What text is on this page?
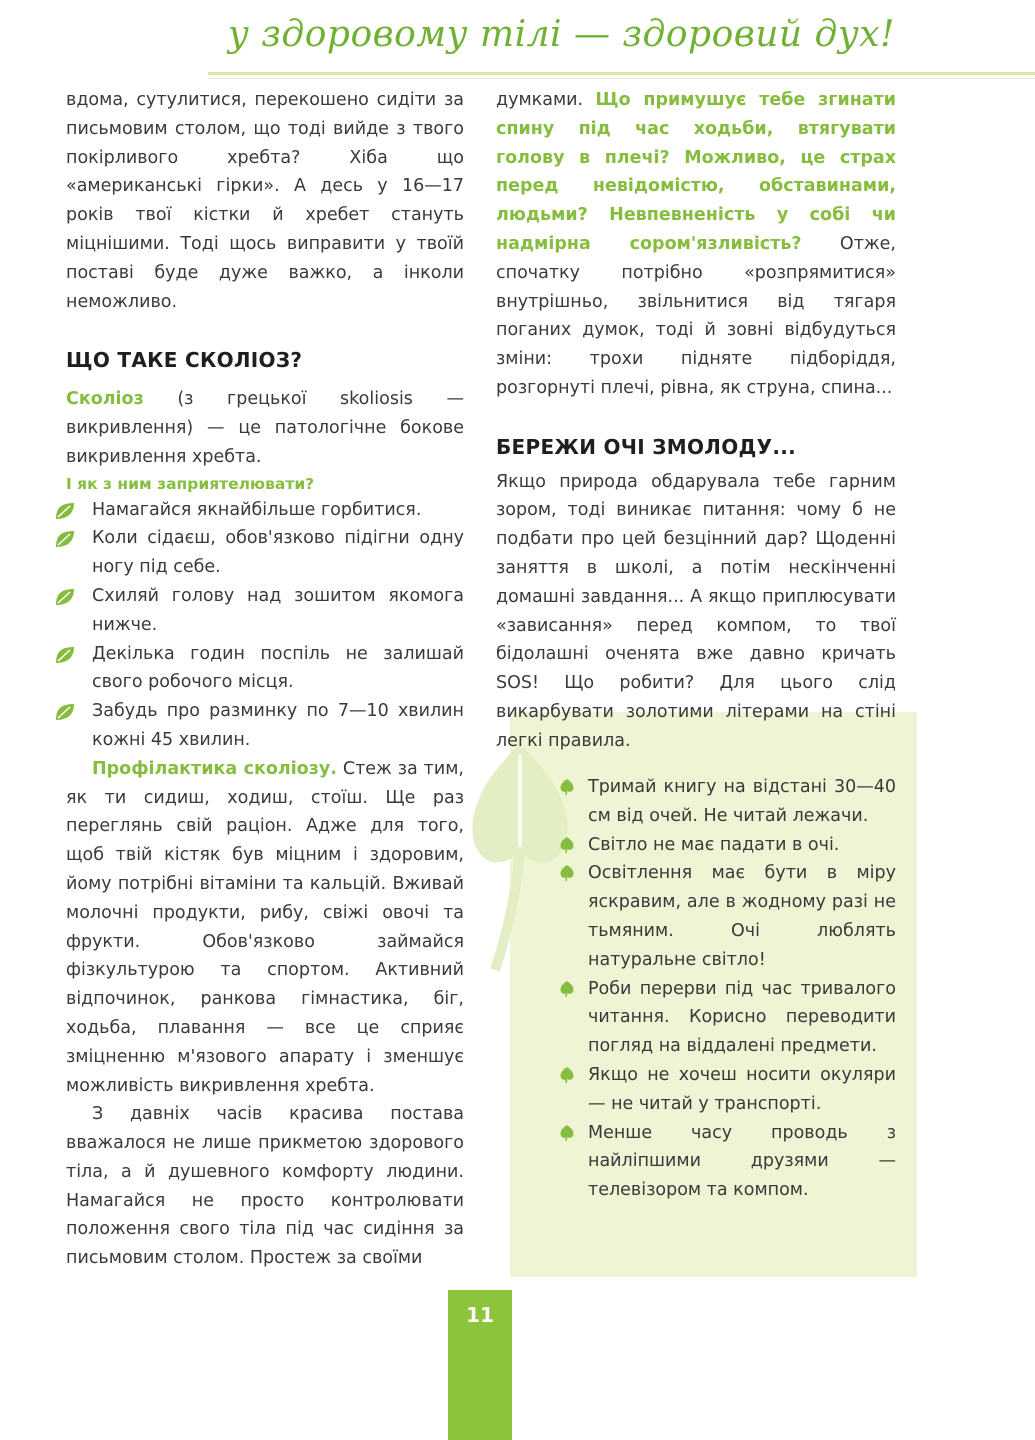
у здоровому тілі — здоровий дух!

вдома, сутулитися, перекошено сидіти за письмовим столом, що тоді вийде з твого покірливого хребта? Хіба що «американські гірки». А десь у 16—17 років твої кістки й хребет стануть міцнішими. Тоді щось виправити у твоїй поставі буде дуже важко, а інколи неможливо.

ЩО ТАКЕ СКОЛІОЗ?

Сколіоз (з грецької skoliosis — викривлення) — це патологічне бокове викривлення хребта.

І як з ним заприятелювати?
Намагайся якнайбільше горбитися.
Коли сідаєш, обов'язково підігни одну ногу під себе.
Схиляй голову над зошитом якомога нижче.
Декілька годин поспіль не залишай свого робочого місця.
Забудь про разминку по 7—10 хвилин кожні 45 хвилин.

Профілактика сколіозу. Стеж за тим, як ти сидиш, ходиш, стоїш. Ще раз переглянь свій раціон. Адже для того, щоб твій кістяк був міцним і здоровим, йому потрібні вітаміни та кальцій. Вживай молочні продукти, рибу, свіжі овочі та фрукти. Обов'язково займайся фізкультурою та спортом. Активний відпочинок, ранкова гімнастика, біг, ходьба, плавання — все це сприяє зміцненню м'язового апарату і зменшує можливість викривлення хребта.

З давніх часів красива постава вважалося не лише прикметою здорового тіла, а й душевного комфорту людини. Намагайся не просто контролювати положення свого тіла під час сидіння за письмовим столом. Простеж за своїми

думками. Що примушує тебе згинати спину під час ходьби, втягувати голову в плечі? Можливо, це страх перед невідомістю, обставинами, людьми? Невпевненість у собі чи надмірна сором'язливість? Отже, спочатку потрібно «розпрямитися» внутрішньо, звільнитися від тягаря поганих думок, тоді й зовні відбудуться зміни: трохи підняте підборіддя, розгорнуті плечі, рівна, як струна, спина...

БЕРЕЖИ ОЧІ ЗМОЛОДУ...

Якщо природа обдарувала тебе гарним зором, тоді виникає питання: чому б не подбати про цей безцінний дар? Щоденні заняття в школі, а потім нескінченні домашні завдання... А якщо приплюсувати «зависання» перед компом, то твої бідолашні оченята вже давно кричать SOS! Що робити? Для цього слід викарбувати золотими літерами на стіні легкі правила.

Тримай книгу на відстані 30—40 см від очей. Не читай лежачи.
Світло не має падати в очі.
Освітлення має бути в міру яскравим, але в жодному разі не тьмяним. Очі люблять натуральне світло!
Роби перерви під час тривалого читання. Корисно переводити погляд на віддалені предмети.
Якщо не хочеш носити окуляри — не читай у транспорті.
Менше часу проводь з найліпшими друзями — телевізором та компом.
11
